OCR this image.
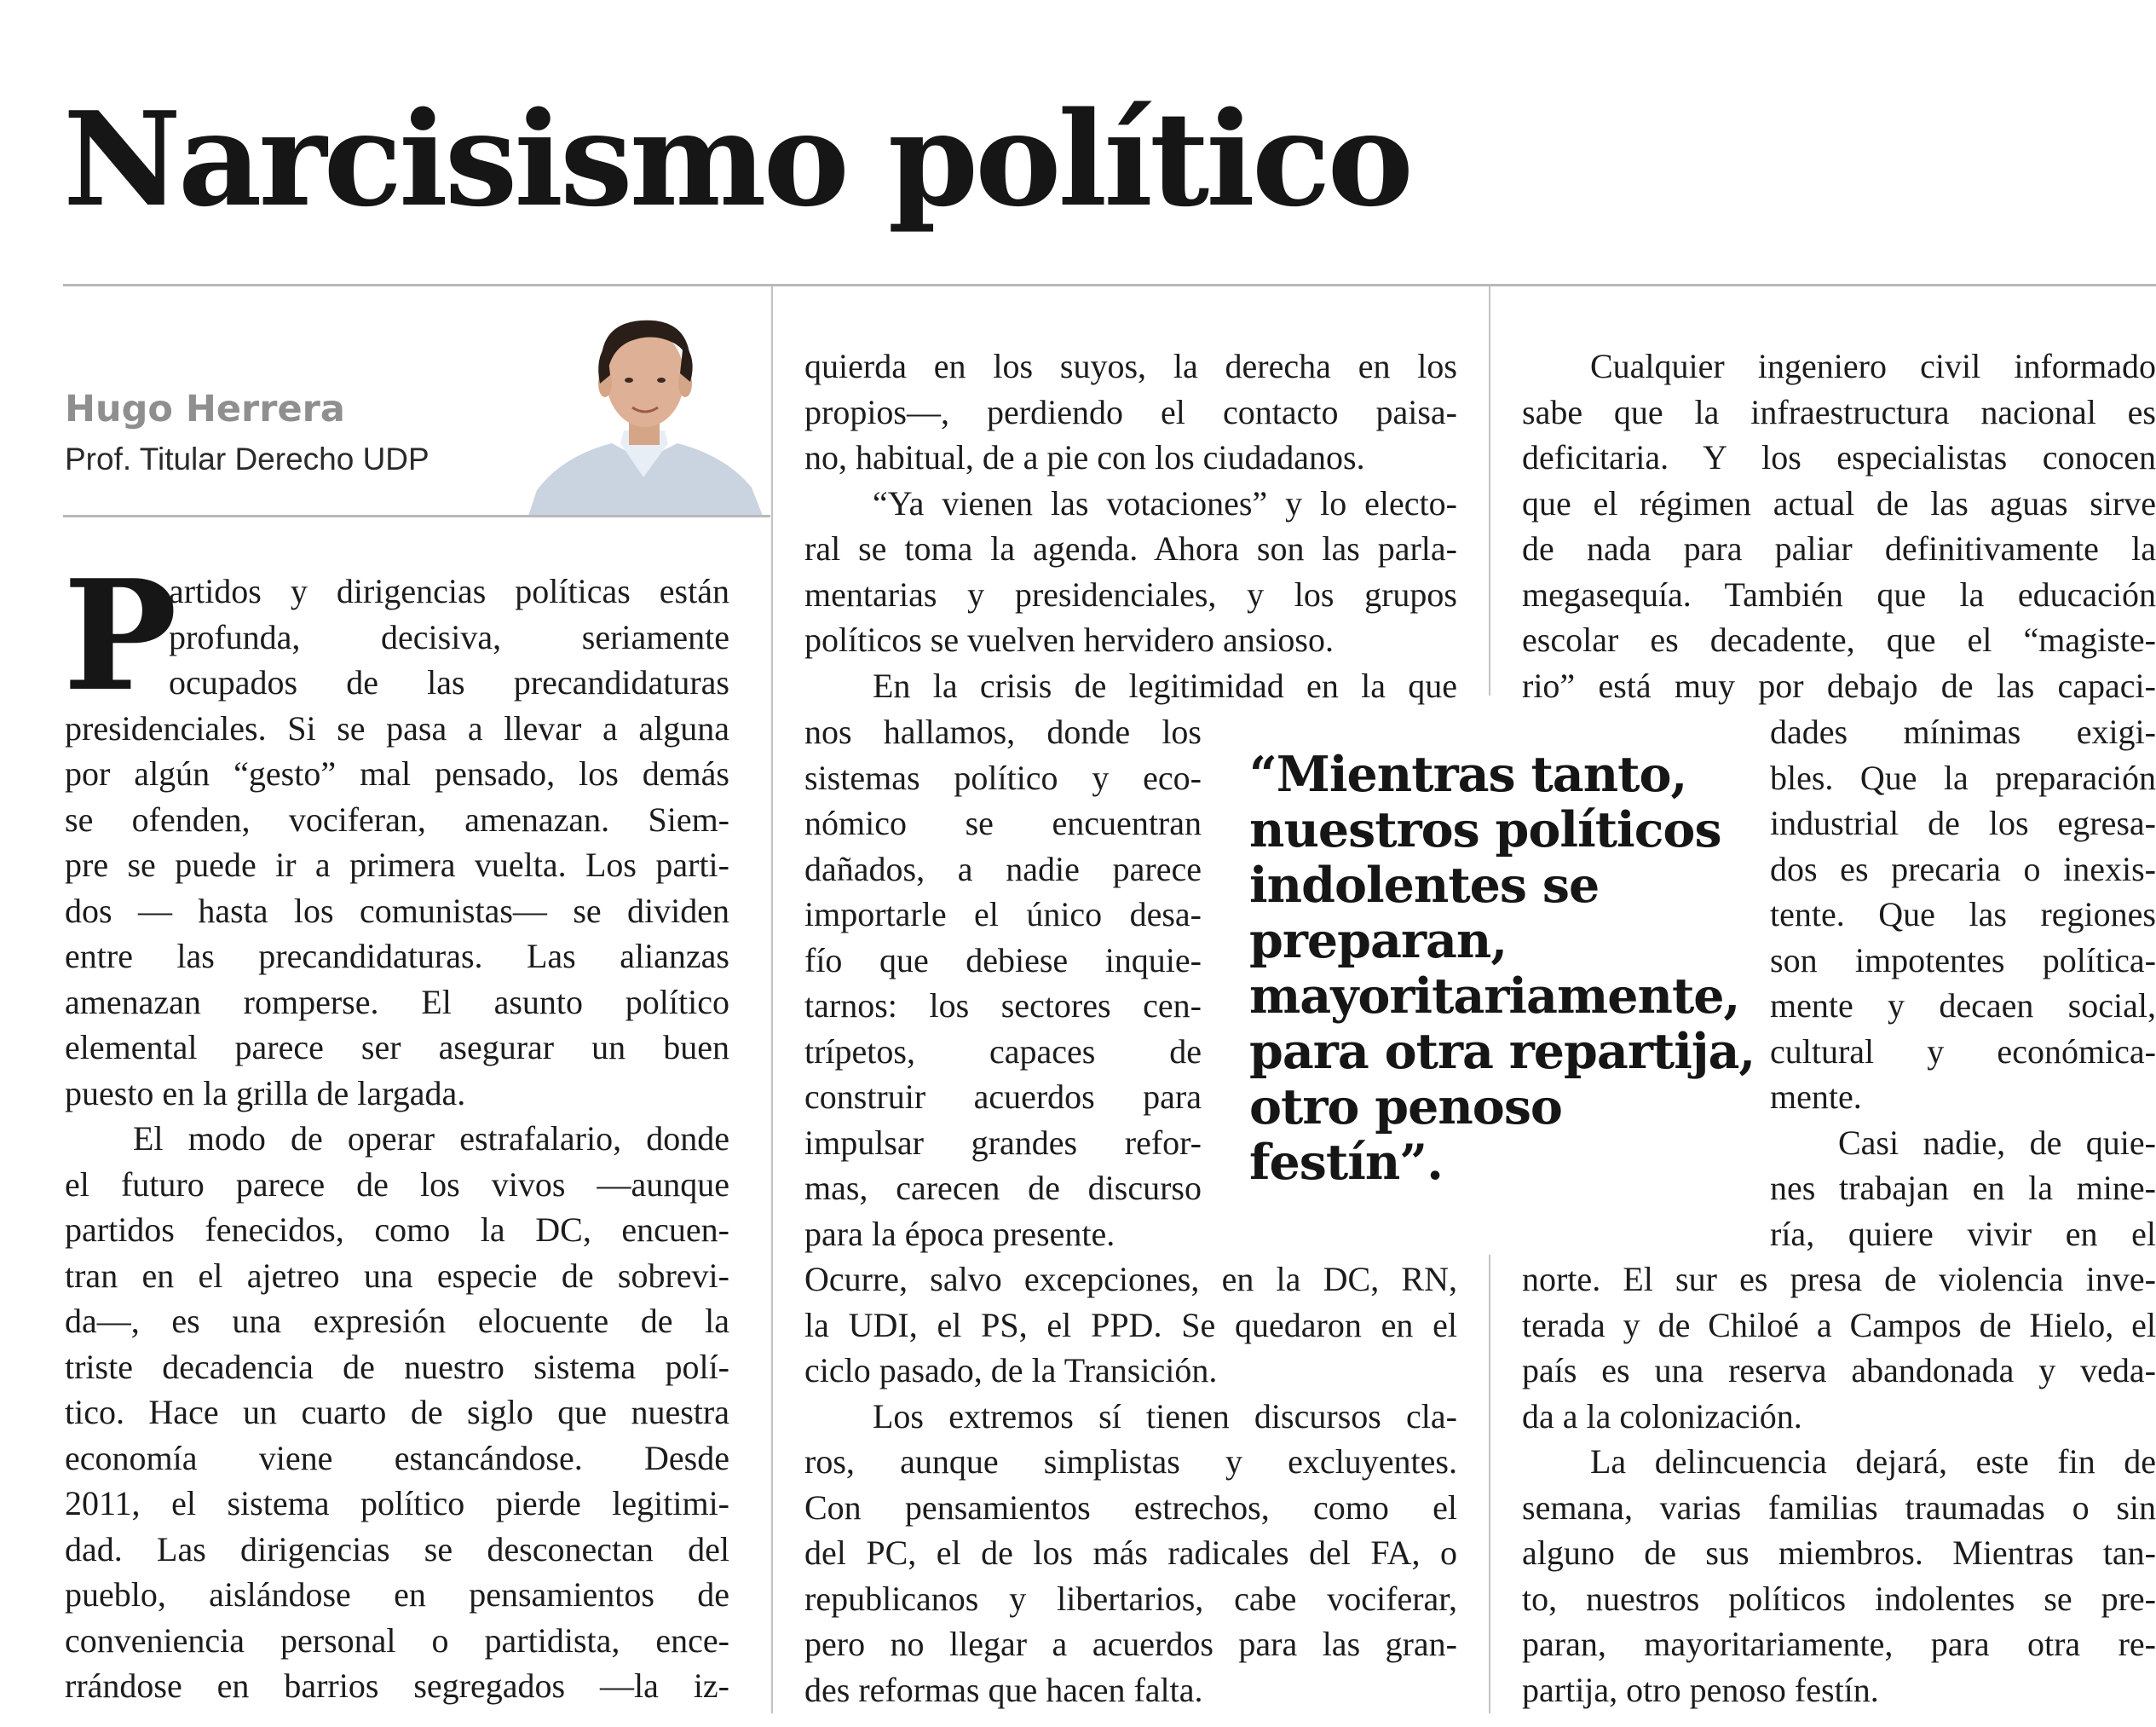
Narcisismo político

Hugo Herrera

Prof. Titular Derecho UDP

P
artidos y dirigencias políticas están
profunda, decisiva, seriamente
ocupados de las precandidaturas
presidenciales. Si se pasa a llevar a alguna
por algún “gesto” mal pensado, los demás
se ofenden, vociferan, amenazan. Siem-
pre se puede ir a primera vuelta. Los parti-
dos — hasta los comunistas— se dividen
entre las precandidaturas. Las alianzas
amenazan romperse. El asunto político
elemental parece ser asegurar un buen
puesto en la grilla de largada.
El modo de operar estrafalario, donde
el futuro parece de los vivos —aunque
partidos fenecidos, como la DC, encuen-
tran en el ajetreo una especie de sobrevi-
da—, es una expresión elocuente de la
triste decadencia de nuestro sistema polí-
tico. Hace un cuarto de siglo que nuestra
economía viene estancándose. Desde
2011, el sistema político pierde legitimi-
dad. Las dirigencias se desconectan del
pueblo, aislándose en pensamientos de
conveniencia personal o partidista, ence-
rrándose en barrios segregados —la iz-
quierda en los suyos, la derecha en los
propios—, perdiendo el contacto paisa-
no, habitual, de a pie con los ciudadanos.
“Ya vienen las votaciones” y lo electo-
ral se toma la agenda. Ahora son las parla-
mentarias y presidenciales, y los grupos
políticos se vuelven hervidero ansioso.
En la crisis de legitimidad en la que
nos hallamos, donde los
sistemas político y eco-
nómico se encuentran
dañados, a nadie parece
importarle el único desa-
fío que debiese inquie-
tarnos: los sectores cen-
trípetos, capaces de
construir acuerdos para
impulsar grandes refor-
mas, carecen de discurso
para la época presente.
“Mientras tanto,
nuestros políticos
indolentes se
preparan,
mayoritariamente,
para otra repartija,
otro penoso
festín”.
Ocurre, salvo excepciones, en la DC, RN,
la UDI, el PS, el PPD. Se quedaron en el
ciclo pasado, de la Transición.
Los extremos sí tienen discursos cla-
ros, aunque simplistas y excluyentes.
Con pensamientos estrechos, como el
del PC, el de los más radicales del FA, o
republicanos y libertarios, cabe vociferar,
pero no llegar a acuerdos para las gran-
des reformas que hacen falta.
Cualquier ingeniero civil informado
sabe que la infraestructura nacional es
deficitaria. Y los especialistas conocen
que el régimen actual de las aguas sirve
de nada para paliar definitivamente la
megasequía. También que la educación
escolar es decadente, que el “magiste-
rio” está muy por debajo de las capaci-
dades mínimas exigi-
bles. Que la preparación
industrial de los egresa-
dos es precaria o inexis-
tente. Que las regiones
son impotentes política-
mente y decaen social,
cultural y económica-
mente.
Casi nadie, de quie-
nes trabajan en la mine-
ría, quiere vivir en el
norte. El sur es presa de violencia inve-
terada y de Chiloé a Campos de Hielo, el
país es una reserva abandonada y veda-
da a la colonización.
La delincuencia dejará, este fin de
semana, varias familias traumadas o sin
alguno de sus miembros. Mientras tan-
to, nuestros políticos indolentes se pre-
paran, mayoritariamente, para otra re-
partija, otro penoso festín.
